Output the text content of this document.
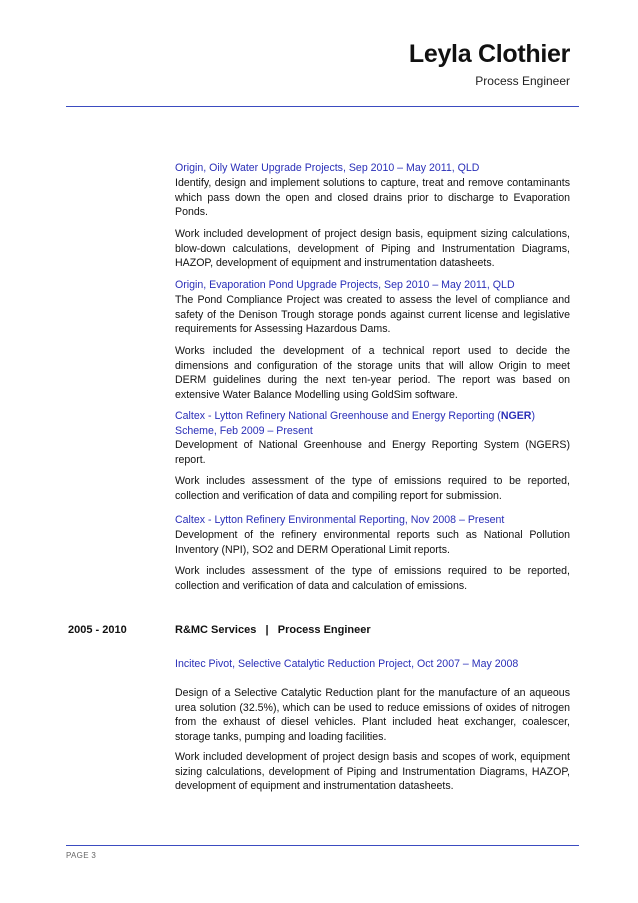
Leyla Clothier
Process Engineer
Origin, Oily Water Upgrade Projects, Sep 2010 – May 2011, QLD
Identify, design and implement solutions to capture, treat and remove contaminants which pass down the open and closed drains prior to discharge to Evaporation Ponds.
Work included development of project design basis, equipment sizing calculations, blow-down calculations, development of Piping and Instrumentation Diagrams, HAZOP, development of equipment and instrumentation datasheets.
Origin, Evaporation Pond Upgrade Projects, Sep 2010 – May 2011, QLD
The Pond Compliance Project was created to assess the level of compliance and safety of the Denison Trough storage ponds against current license and legislative requirements for Assessing Hazardous Dams.
Works included the development of a technical report used to decide the dimensions and configuration of the storage units that will allow Origin to meet DERM guidelines during the next ten-year period. The report was based on extensive Water Balance Modelling using GoldSim software.
Caltex - Lytton Refinery National Greenhouse and Energy Reporting (NGER)
Scheme, Feb 2009 – Present
Development of National Greenhouse and Energy Reporting System (NGERS) report.
Work includes assessment of the type of emissions required to be reported, collection and verification of data and compiling report for submission.
Caltex - Lytton Refinery Environmental Reporting, Nov 2008 – Present
Development of the refinery environmental reports such as National Pollution Inventory (NPI), SO2 and DERM Operational Limit reports.
Work includes assessment of the type of emissions required to be reported, collection and verification of data and calculation of emissions.
2005 - 2010	R&MC Services   |   Process Engineer
Incitec Pivot, Selective Catalytic Reduction Project, Oct 2007 – May 2008
Design of a Selective Catalytic Reduction plant for the manufacture of an aqueous urea solution (32.5%), which can be used to reduce emissions of oxides of nitrogen from the exhaust of diesel vehicles. Plant included heat exchanger, coalescer, storage tanks, pumping and loading facilities.
Work included development of project design basis and scopes of work, equipment sizing calculations, development of Piping and Instrumentation Diagrams, HAZOP, development of equipment and instrumentation datasheets.
PAGE 3
